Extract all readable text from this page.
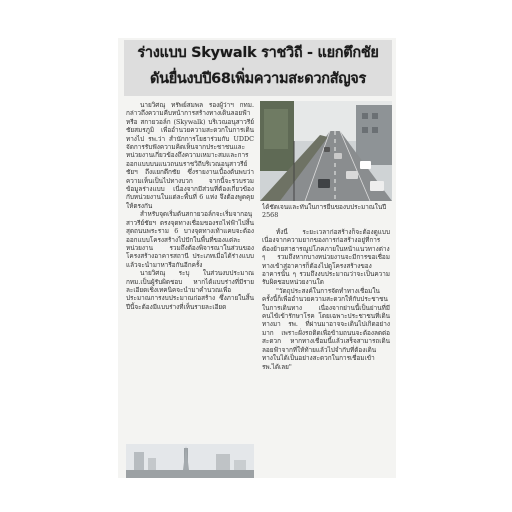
ร่างแบบ Skywalk ราชวิถี - แยกตึกชัย
ดันยื่นงบปี68เพิ่มความสะดวกสัญจร

นายวิศณุ ทรัพย์สมพล รองผู้ว่าฯ กทม. กล่าวถึงความคืบหน้าการสร้างทางเดินลอยฟ้า หรือ สกายวอล์ก (Skywalk) บริเวณอนุสาวรีย์ชัยสมรภูมิ เพื่ออำนวยความสะดวกในการเดินทางไป รพ.ว่า สำนักการโยธาร่วมกับ UDDC จัดการรับฟังความคิดเห็นจากประชาชนและหน่วยงานเกี่ยวข้องถึงความเหมาะสมและการออกแบบบนแนวถนนราชวิถีบริเวณอนุสาวรีย์ชัยฯ ถึงแยกตึกชัย ซึ่งรายงานเบื้องต้นพบว่าความเห็นเป็นไปทางบวก จากนี้จะรวบรวมข้อมูลร่างแบบ เนื่องจากมีส่วนที่ต้องเกี่ยวข้องกับหน่วยงานในแต่ละพื้นที่ 6 แห่ง จึงต้องพูดคุยให้ตรงกัน

สำหรับจุดเริ่มต้นสกายวอล์กจะเริ่มจากอนุสาวรีย์ชัยฯ ตรงจุดทางเชื่อมของรถไฟฟ้าไปสิ้นสุดถนนพระราม 6 บางจุดทางเท้าแคบจะต้องออกแบบโครงสร้างไปปักในพื้นที่ของแต่ละหน่วยงาน รวมถึงต้องพิจารณาในส่วนของโครงสร้างอาคารสถานี ประเภทเมื่อได้ร่างแบบแล้วจะนำมาหารือกันอีกครั้ง

นายวิศณุ ระบุ ในส่วนงบประมาณ กทม.เป็นผู้รับผิดชอบ หากได้แบบร่างที่มีรายละเอียดเชิงเทคนิคจะนำมาคำนวณเพื่อประมาณการงบประมาณก่อสร้าง ซึ่งภายในสิ้นปีนี้จะต้องมีแบบร่างที่เห็นรายละเอียด

ได้ชัดเจนและทันในการยื่นของบประมาณในปี 2568

ทั้งนี้ ระยะเวลาก่อสร้างก็จะต้องดูแบบ เนื่องจากความยากของการก่อสร้างอยู่ที่การต้องย้ายสาธารณูปโภคภายในหน้าแนวทางต่าง ๆ รวมถึงหากบางหน่วยงานจะมีการขอเชื่อมทางเข้าสู่อาคารก็ต้องไปดูโครงสร้างของอาคารนั้น ๆ รวมถึงงบประมาณว่าจะเป็นความรับผิดชอบหน่วยงานใด

"วัตถุประสงค์ในการจัดทำทางเชื่อมในครั้งนี้ก็เพื่ออำนวยความสะดวกให้กับประชาชนในการเดินทาง เนื่องจากย่านนี้เป็นย่านที่มีคนไข้เข้ารักษาโรค โดยเฉพาะประชาชนที่เดินทางมา รพ. ที่ผ่านมาอาจจะเดินไปเกิดอย่างมาก เพราะฝั่งรถติดเพื่อข้ามถนนจะต้องลดต่อสะดวก หากทางเชื่อมนี้แล้วเสร็จสามารถเดินลอยฟ้าจากที่ให้ท้ายแล้วไปจำกับที่ต้องเดินทางในได้เป็นอย่างสะดวกในการเชื่อมเข้า รพ.ได้เลย"
